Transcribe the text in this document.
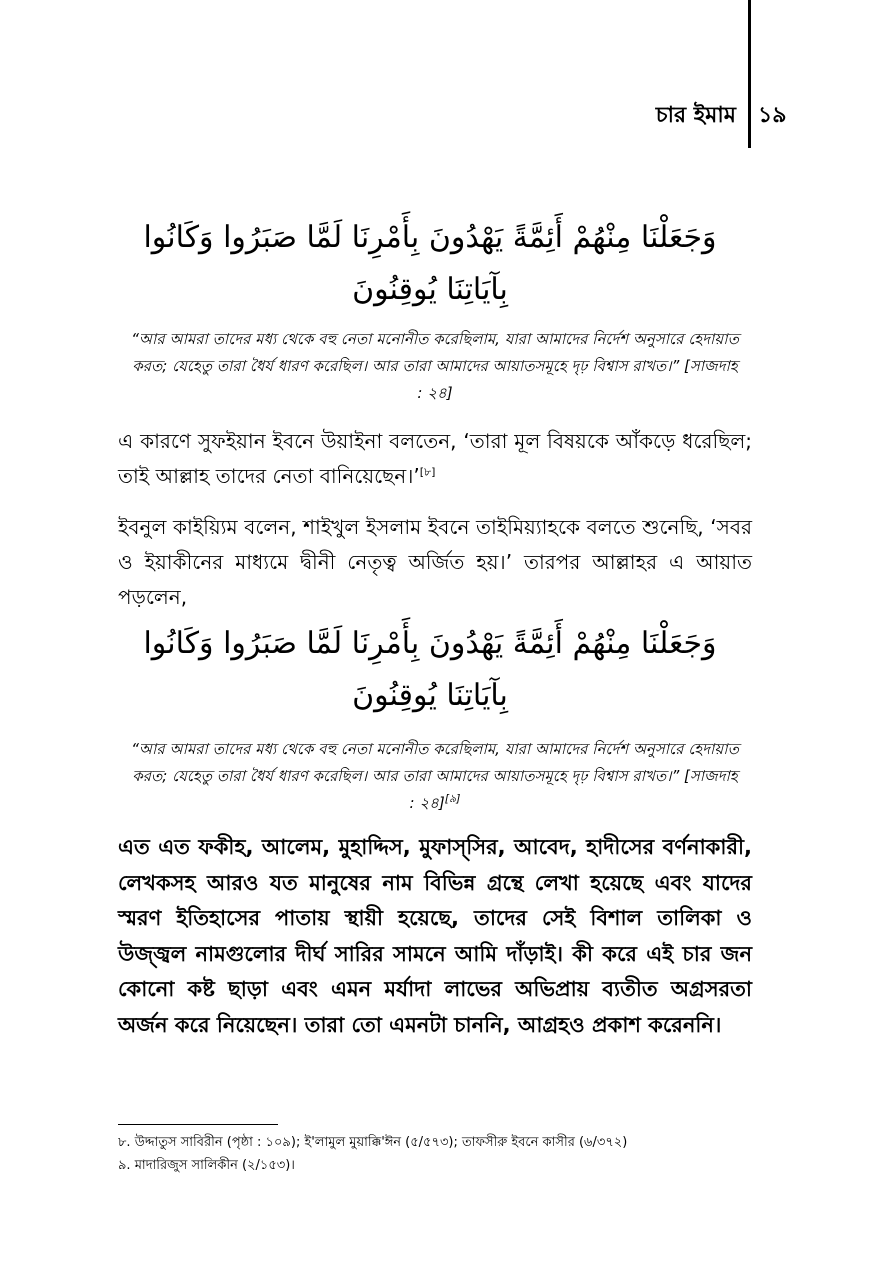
চার ইমাম ১৯
وَجَعَلْنَا مِنْهُمْ أَئِمَّةً يَهْدُونَ بِأَمْرِنَا لَمَّا صَبَرُوا وَكَانُوا بِآيَاتِنَا يُوقِنُونَ
“আর আমরা তাদের মধ্য থেকে বহু নেতা মনোনীত করেছিলাম, যারা আমাদের নির্দেশ অনুসারে হেদায়াত করত; যেহেতু তারা ধৈর্য ধারণ করেছিল। আর তারা আমাদের আয়াতসমূহে দৃঢ় বিশ্বাস রাখত।” [সাজদাহ : ২৪]
এ কারণে সুফইয়ান ইবনে উয়াইনা বলতেন, ‘তারা মূল বিষয়কে আঁকড়ে ধরেছিল; তাই আল্লাহ তাদের নেতা বানিয়েছেন।’[৮]
ইবনুল কাইয়্যিম বলেন, শাইখুল ইসলাম ইবনে তাইমিয়্যাহকে বলতে শুনেছি, ‘সবর ও ইয়াকীনের মাধ্যমে দ্বীনী নেতৃত্ব অর্জিত হয়।’ তারপর আল্লাহর এ আয়াত পড়লেন,
وَجَعَلْنَا مِنْهُمْ أَئِمَّةً يَهْدُونَ بِأَمْرِنَا لَمَّا صَبَرُوا وَكَانُوا بِآيَاتِنَا يُوقِنُونَ
“আর আমরা তাদের মধ্য থেকে বহু নেতা মনোনীত করেছিলাম, যারা আমাদের নির্দেশ অনুসারে হেদায়াত করত; যেহেতু তারা ধৈর্য ধারণ করেছিল। আর তারা আমাদের আয়াতসমূহে দৃঢ় বিশ্বাস রাখত।” [সাজদাহ : ২৪][৯]
এত এত ফকীহ, আলেম, মুহাদ্দিস, মুফাস্‌সির, আবেদ, হাদীসের বর্ণনাকারী, লেখকসহ আরও যত মানুষের নাম বিভিন্ন গ্রন্থে লেখা হয়েছে এবং যাদের স্মরণ ইতিহাসের পাতায় স্থায়ী হয়েছে, তাদের সেই বিশাল তালিকা ও উজ্জ্বল নামগুলোর দীর্ঘ সারির সামনে আমি দাঁড়াই। কী করে এই চার জন কোনো কষ্ট ছাড়া এবং এমন মর্যাদা লাভের অভিপ্রায় ব্যতীত অগ্রসরতা অর্জন করে নিয়েছেন। তারা তো এমনটা চাননি, আগ্রহও প্রকাশ করেননি।
৮. উদ্দাতুস সাবিরীন (পৃষ্ঠা : ১০৯); ই'লামুল মুয়াক্কি'ঈন (৫/৫৭৩); তাফসীরু ইবনে কাসীর (৬/৩৭২)
৯. মাদারিজুস সালিকীন (২/১৫৩)।
